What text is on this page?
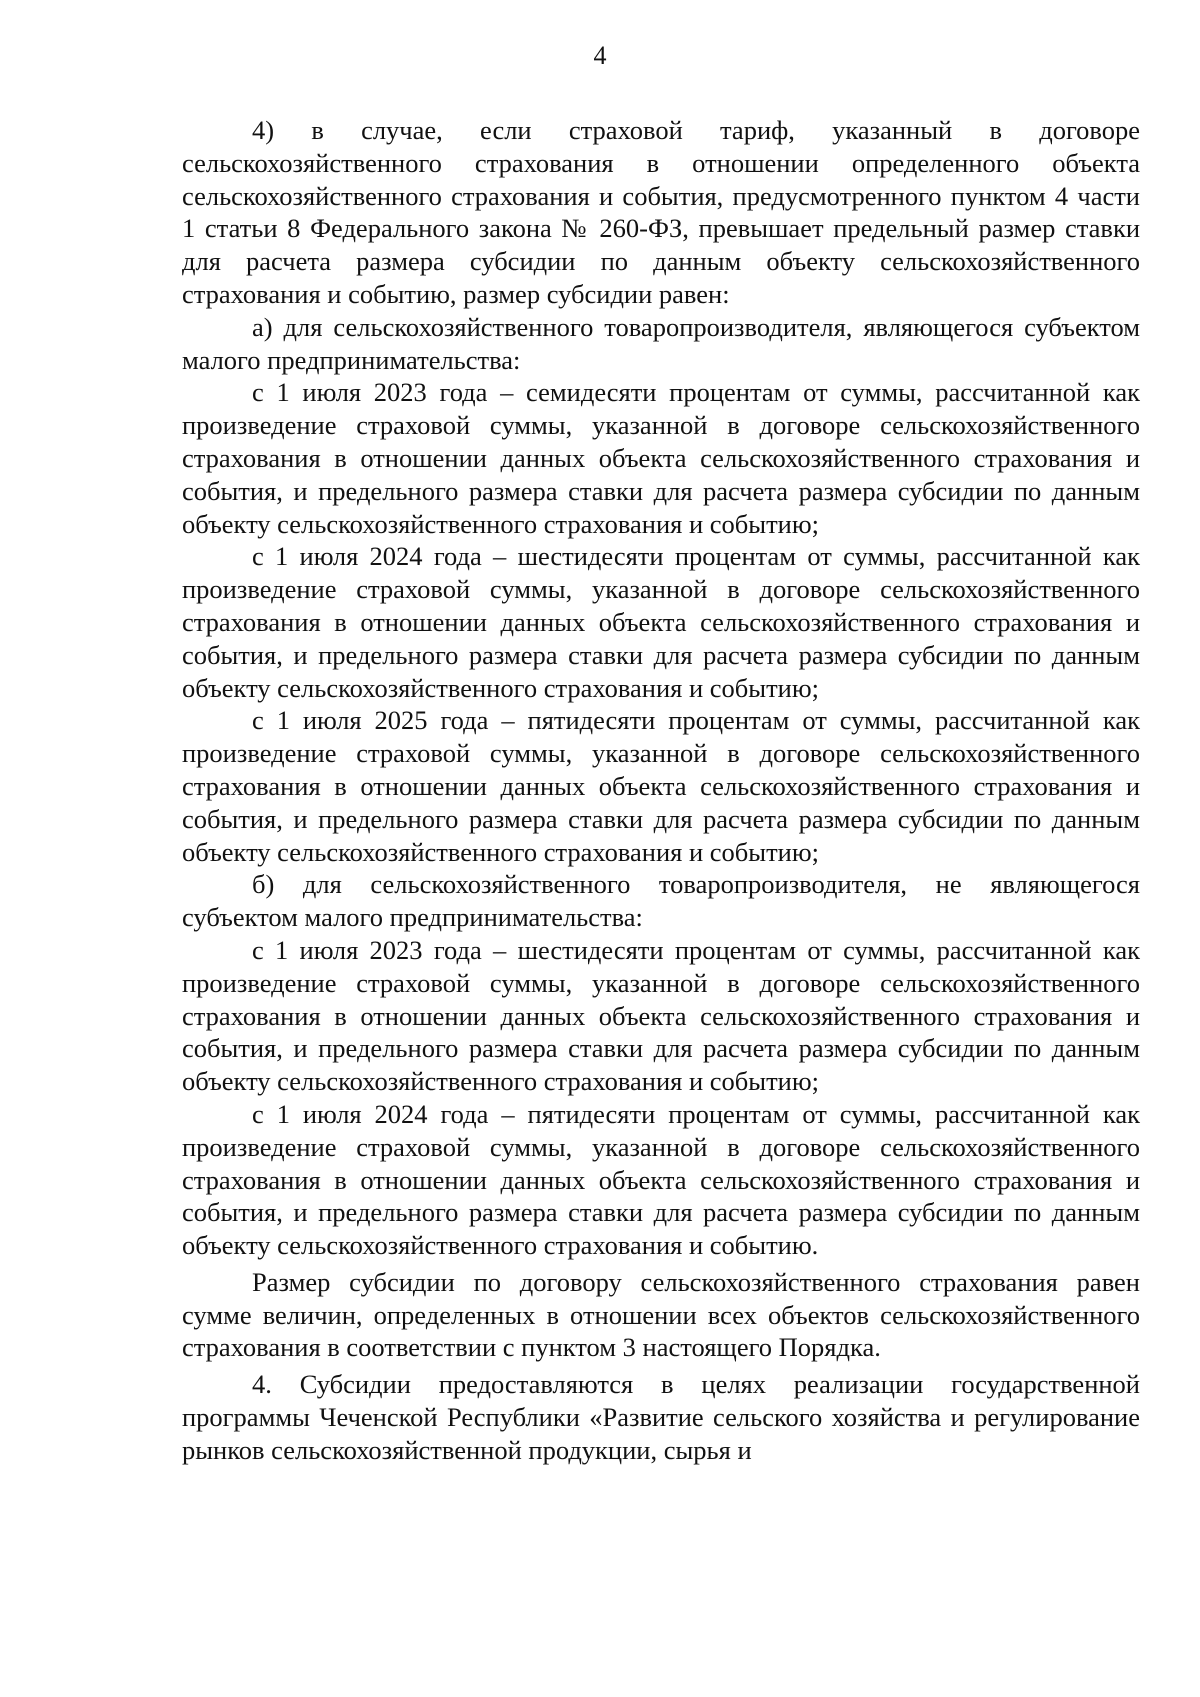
4

4) в случае, если страховой тариф, указанный в договоре сельскохозяйственного страхования в отношении определенного объекта сельскохозяйственного страхования и события, предусмотренного пунктом 4 части 1 статьи 8 Федерального закона № 260-ФЗ, превышает предельный размер ставки для расчета размера субсидии по данным объекту сельскохозяйственного страхования и событию, размер субсидии равен:

а) для сельскохозяйственного товаропроизводителя, являющегося субъектом малого предпринимательства:

с 1 июля 2023 года – семидесяти процентам от суммы, рассчитанной как произведение страховой суммы, указанной в договоре сельскохозяйственного страхования в отношении данных объекта сельскохозяйственного страхования и события, и предельного размера ставки для расчета размера субсидии по данным объекту сельскохозяйственного страхования и событию;

с 1 июля 2024 года – шестидесяти процентам от суммы, рассчитанной как произведение страховой суммы, указанной в договоре сельскохозяйственного страхования в отношении данных объекта сельскохозяйственного страхования и события, и предельного размера ставки для расчета размера субсидии по данным объекту сельскохозяйственного страхования и событию;

с 1 июля 2025 года – пятидесяти процентам от суммы, рассчитанной как произведение страховой суммы, указанной в договоре сельскохозяйственного страхования в отношении данных объекта сельскохозяйственного страхования и события, и предельного размера ставки для расчета размера субсидии по данным объекту сельскохозяйственного страхования и событию;

б) для сельскохозяйственного товаропроизводителя, не являющегося субъектом малого предпринимательства:

с 1 июля 2023 года – шестидесяти процентам от суммы, рассчитанной как произведение страховой суммы, указанной в договоре сельскохозяйственного страхования в отношении данных объекта сельскохозяйственного страхования и события, и предельного размера ставки для расчета размера субсидии по данным объекту сельскохозяйственного страхования и событию;

с 1 июля 2024 года – пятидесяти процентам от суммы, рассчитанной как произведение страховой суммы, указанной в договоре сельскохозяйственного страхования в отношении данных объекта сельскохозяйственного страхования и события, и предельного размера ставки для расчета размера субсидии по данным объекту сельскохозяйственного страхования и событию.

Размер субсидии по договору сельскохозяйственного страхования равен сумме величин, определенных в отношении всех объектов сельскохозяйственного страхования в соответствии с пунктом 3 настоящего Порядка.

4. Субсидии предоставляются в целях реализации государственной программы Чеченской Республики «Развитие сельского хозяйства и регулирование рынков сельскохозяйственной продукции, сырья и
